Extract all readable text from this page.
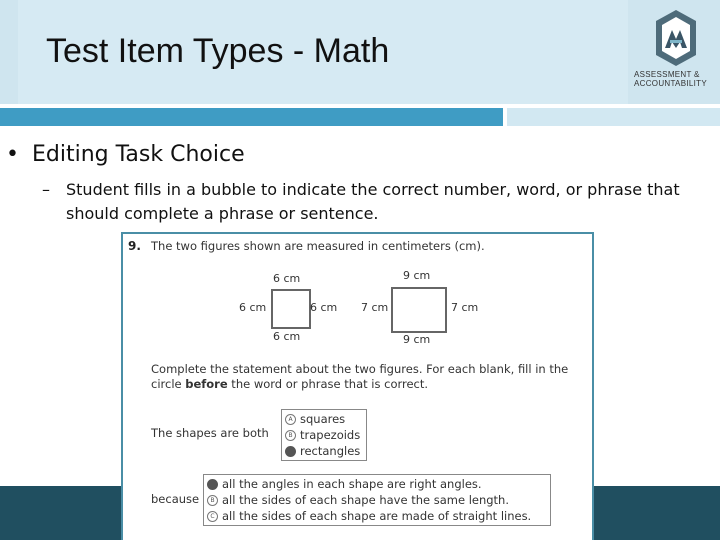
Test Item Types - Math
ASSESSMENT &
ACCOUNTABILITY
• Editing Task Choice
–	Student fills in a bubble to indicate the correct number, word, or phrase that should complete a phrase or sentence.
9. The two figures shown are measured in centimeters (cm).
6 cm
6 cm	6 cm
6 cm
9 cm
7 cm	7 cm
9 cm
Complete the statement about the two figures. For each blank, fill in the circle before the word or phrase that is correct.
The shapes are both
A squares
B trapezoids
rectangles
because
all the angles in each shape are right angles.
B all the sides of each shape have the same length.
C all the sides of each shape are made of straight lines.
